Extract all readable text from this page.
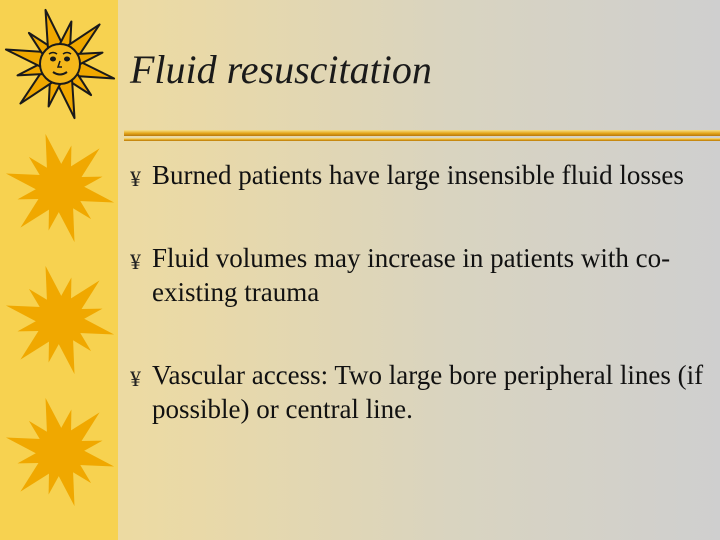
Fluid resuscitation
¥ Burned patients have large insensible fluid losses
¥ Fluid volumes may increase in patients with co-existing trauma
¥ Vascular access: Two large bore peripheral lines (if possible) or central line.
